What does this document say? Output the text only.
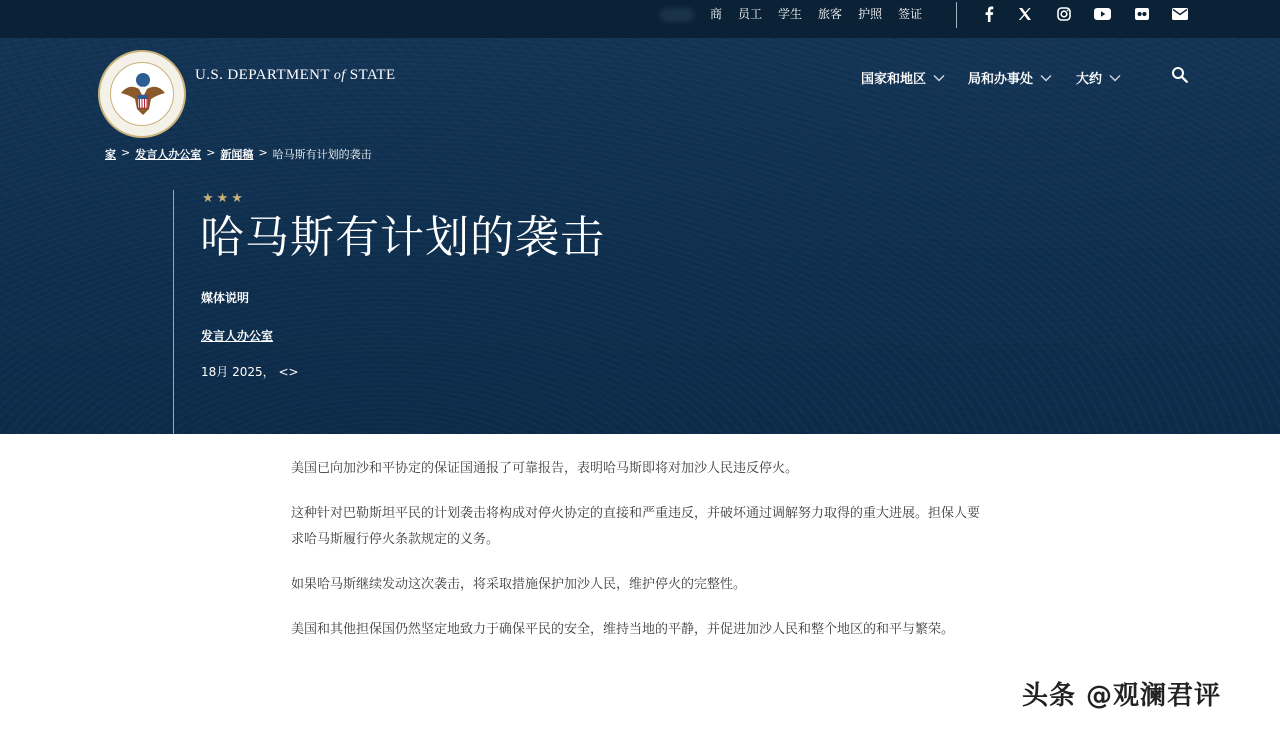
商 员工 学生 旅客 护照 签证
U.S. DEPARTMENT of STATE	国家和地区	局和办事处	大约
家 > 发言人办公室 > 新闻稿 > 哈马斯有计划的袭击
★★★
哈马斯有计划的袭击
媒体说明
发言人办公室
18月 2025， <>

美国已向加沙和平协定的保证国通报了可靠报告，表明哈马斯即将对加沙人民违反停火。

这种针对巴勒斯坦平民的计划袭击将构成对停火协定的直接和严重违反，并破坏通过调解努力取得的重大进展。担保人要求哈马斯履行停火条款规定的义务。

如果哈马斯继续发动这次袭击，将采取措施保护加沙人民，维护停火的完整性。

美国和其他担保国仍然坚定地致力于确保平民的安全，维持当地的平静，并促进加沙人民和整个地区的和平与繁荣。

头条 @观澜君评
